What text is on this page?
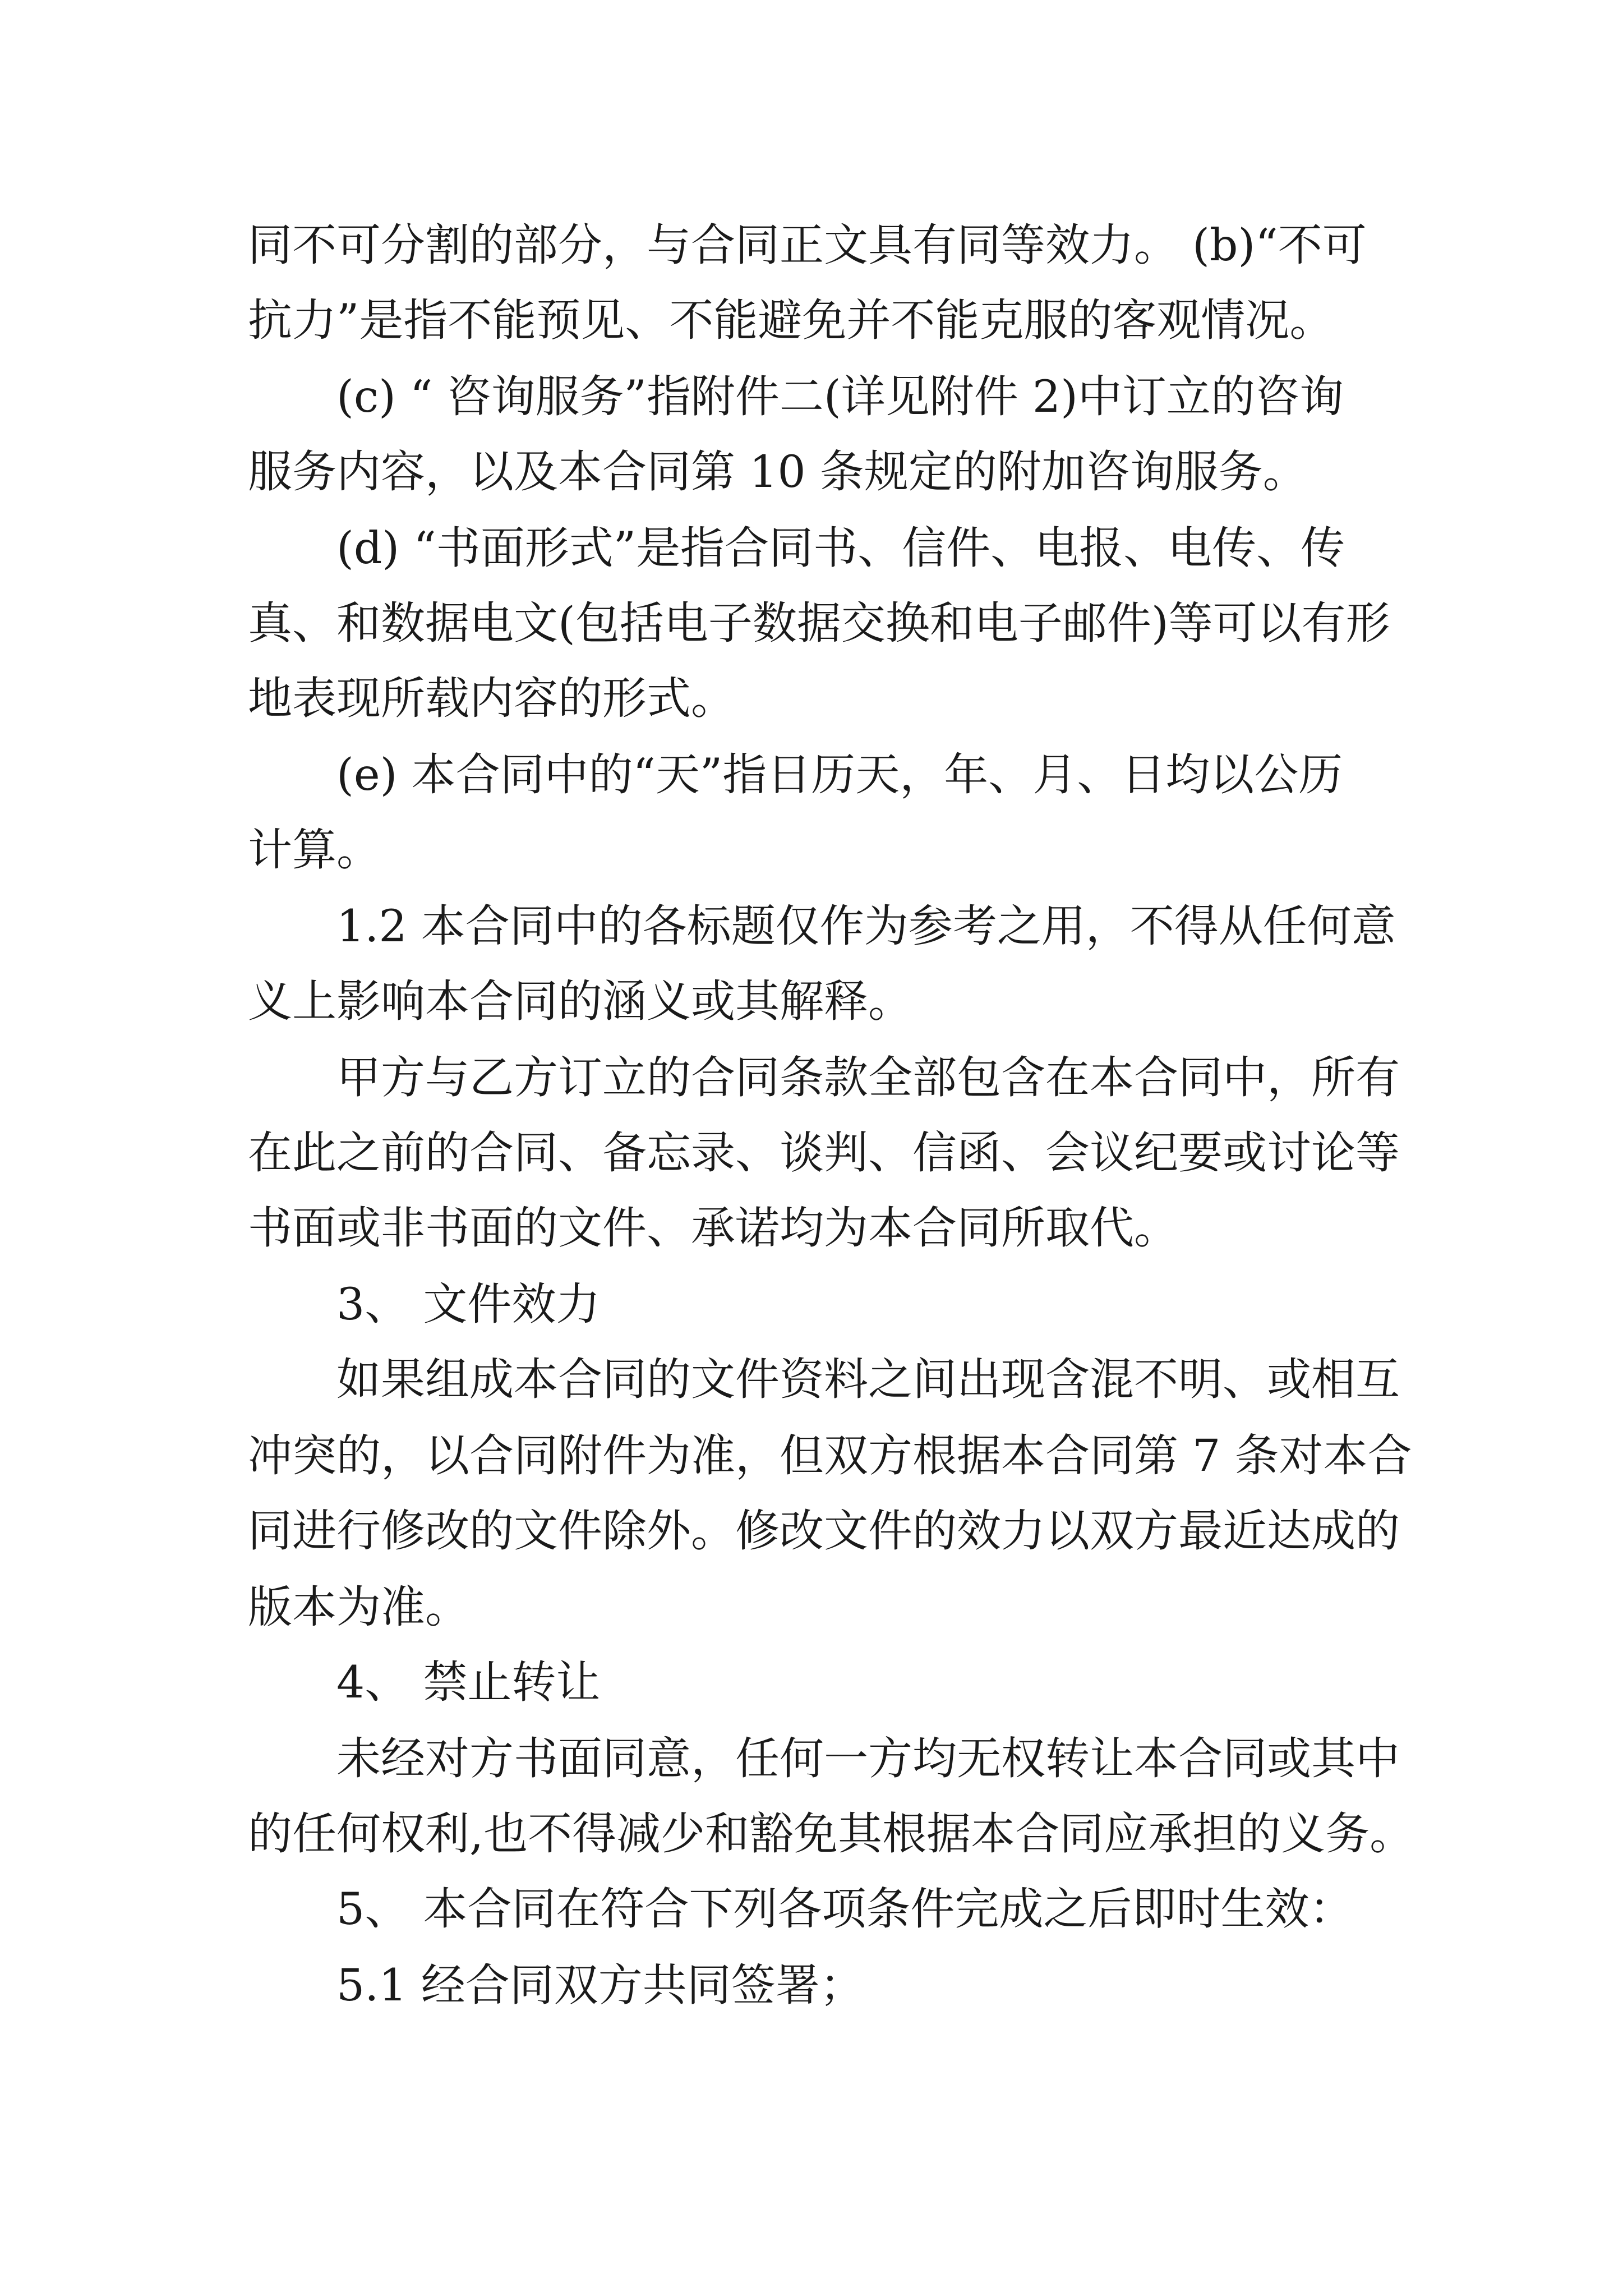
同不可分割的部分，与合同正文具有同等效力。 (b)“不可
抗力”是指不能预见、不能避免并不能克服的客观情况。
(c) “ 咨询服务”指附件二(详见附件 2)中订立的咨询
服务内容，以及本合同第 10 条规定的附加咨询服务。
(d) “书面形式”是指合同书、信件、电报、电传、传
真、和数据电文(包括电子数据交换和电子邮件)等可以有形
地表现所载内容的形式。
(e) 本合同中的“天”指日历天，年、月、日均以公历
计算。
1.2 本合同中的各标题仅作为参考之用，不得从任何意
义上影响本合同的涵义或其解释。
甲方与乙方订立的合同条款全部包含在本合同中，所有
在此之前的合同、备忘录、谈判、信函、会议纪要或讨论等
书面或非书面的文件、承诺均为本合同所取代。
3、 文件效力
如果组成本合同的文件资料之间出现含混不明、或相互
冲突的，以合同附件为准，但双方根据本合同第 7 条对本合
同进行修改的文件除外。修改文件的效力以双方最近达成的
版本为准。
4、 禁止转让
未经对方书面同意，任何一方均无权转让本合同或其中
的任何权利,也不得减少和豁免其根据本合同应承担的义务。
5、 本合同在符合下列各项条件完成之后即时生效：
5.1 经合同双方共同签署；
